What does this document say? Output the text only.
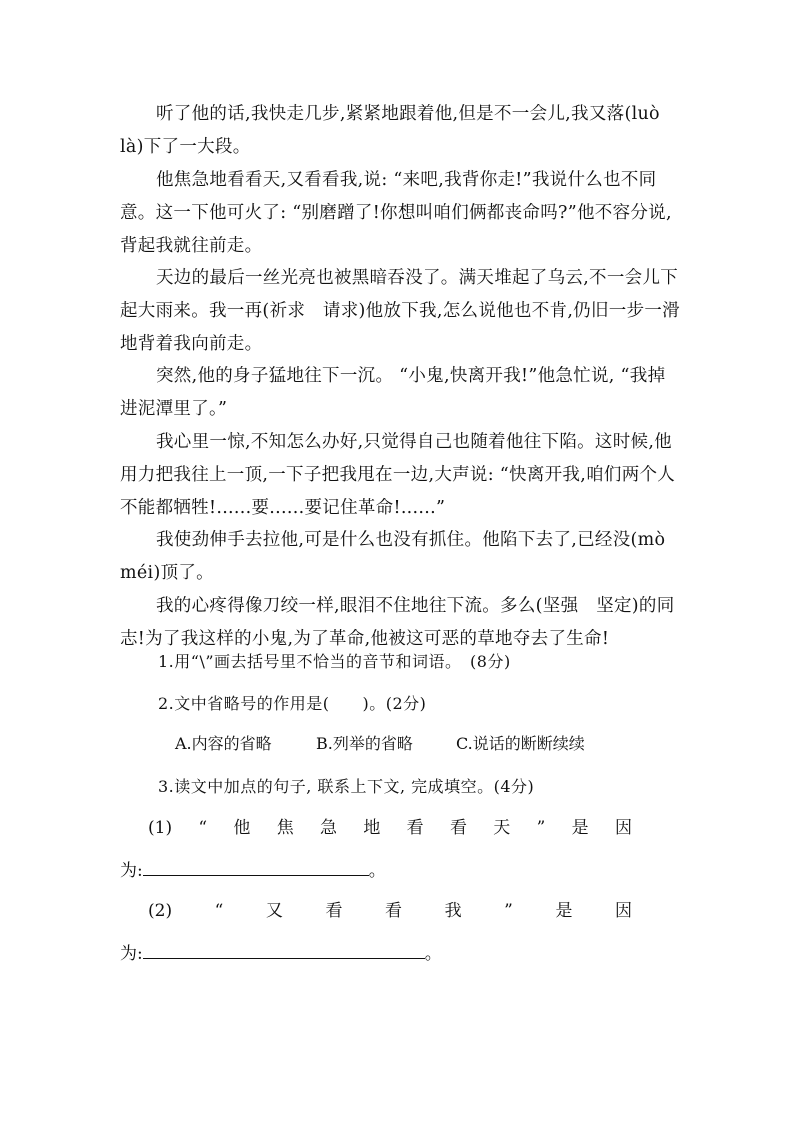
听了他的话,我快走几步,紧紧地跟着他,但是不一会儿,我又落(luò là)下了一大段。

他焦急地看看天,又看看我,说: “来吧,我背你走!”我说什么也不同意。这一下他可火了: “别磨蹭了!你想叫咱们俩都丧命吗?”他不容分说,背起我就往前走。

天边的最后一丝光亮也被黑暗吞没了。满天堆起了乌云,不一会儿下起大雨来。我一再(祈求　请求)他放下我,怎么说他也不肯,仍旧一步一滑地背着我向前走。

突然,他的身子猛地往下一沉。 “小鬼,快离开我!”他急忙说, “我掉进泥潭里了。”

我心里一惊,不知怎么办好,只觉得自己也随着他往下陷。这时候,他用力把我往上一顶,一下子把我甩在一边,大声说: “快离开我,咱们两个人不能都牺牲!......要......要记住革命!......”

我使劲伸手去拉他,可是什么也没有抓住。他陷下去了,已经没(mò méi)顶了。

我的心疼得像刀绞一样,眼泪不住地往下流。多么(坚强　坚定)的同志!为了我这样的小鬼,为了革命,他被这可恶的草地夺去了生命!

1.用“\”画去括号里不恰当的音节和词语。　(8分)

2.文中省略号的作用是(　　)。(2分)

A.内容的省略	B.列举的省略	C.说话的断断续续

3.读文中加点的句子, 联系上下文, 完成填空。(4分)

(1) “ 他 焦 急 地 看 看 天 ” 是 因
为:	。
(2)	“	又	看	看	我	”	是	因
为:	。
